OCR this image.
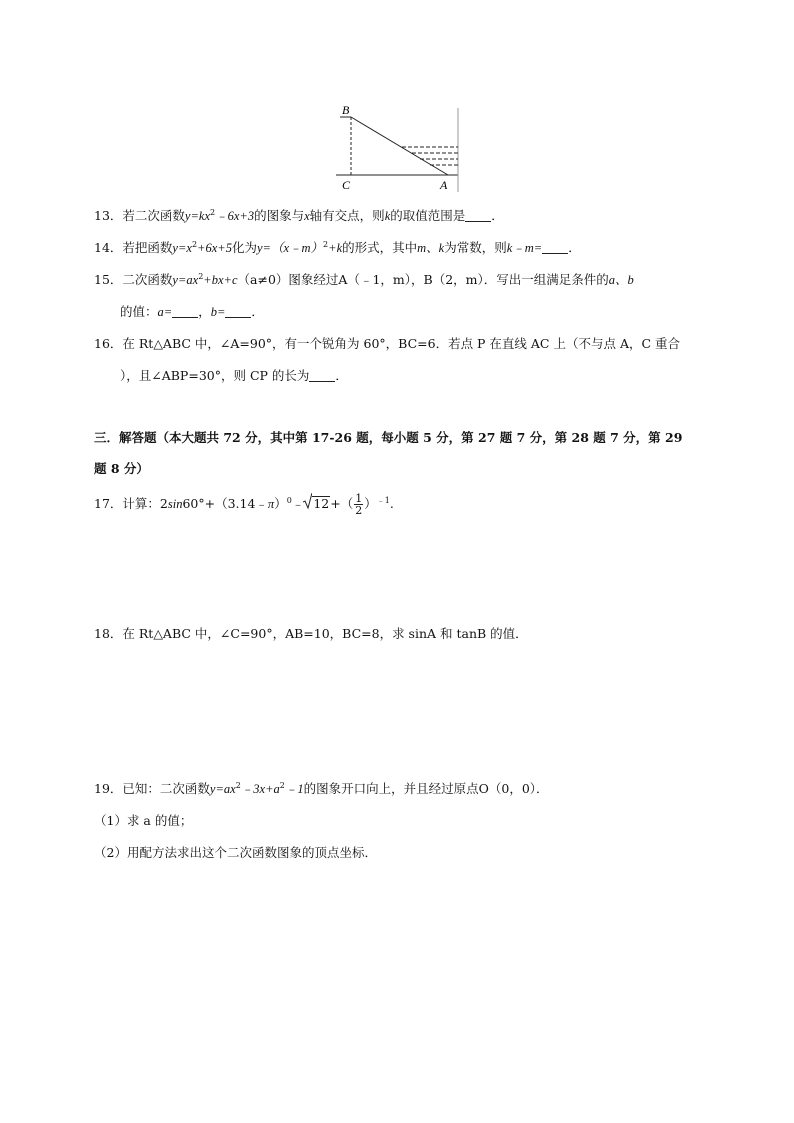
B
C	A
13．若二次函数$y=kx^2﹣6x+3$的图象与x轴有交点，则k的取值范围是 ．
14．若把函数$y=x^2+6x+5$化为y=（x﹣m）$^2$+k的形式，其中m、k为常数，则k﹣m= ．
15．二次函数$y=ax^2+bx+c(a\ne 0)$图象经过A（﹣1，m），B（2，m）．写出一组满足条件的a、b
的值：a= ，b= ．
16．在 Rt△ABC 中，∠A=90°，有一个锐角为 60°，BC=6．若点 P 在直线 AC 上（不与点 A，C 重合
），且∠ABP=30°，则 CP 的长为 ．
三．解答题（本大题共 72 分，其中第 17-26 题，每小题 5 分，第 27 题 7 分，第 28 题 7 分，第 29
题 8 分）
17．计算：2sin60°+（3.14﹣π）$^0$﹣ $12+( \frac{1}{2} )^{﹣1}$.
18．在 Rt△ABC 中，∠C=90°，AB=10，BC=8，求 sinA 和 tanB 的值．
19．已知：二次函数$y=ax^2﹣3x+a^2﹣1$的图象开口向上，并且经过原点O（0，0）．
（1）求 a 的值；
（2）用配方法求出这个二次函数图象的顶点坐标．
